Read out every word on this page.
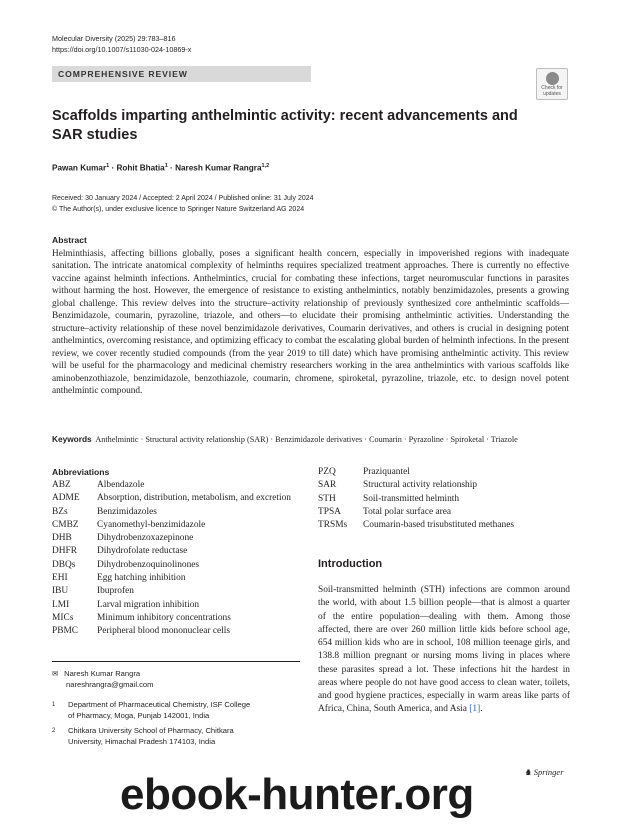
Molecular Diversity (2025) 29:783–816
https://doi.org/10.1007/s11030-024-10869-x
COMPREHENSIVE REVIEW
Check for
updates
Scaffolds imparting anthelmintic activity: recent advancements and SAR studies
Pawan Kumar$^1$ · Rohit Bhatia$^1$ · Naresh Kumar Rangra$^{1,2}$
Received: 30 January 2024 / Accepted: 2 April 2024 / Published online: 31 July 2024
© The Author(s), under exclusive licence to Springer Nature Switzerland AG 2024
Abstract
Helminthiasis, affecting billions globally, poses a significant health concern, especially in impoverished regions with inadequate sanitation. The intricate anatomical complexity of helminths requires specialized treatment approaches. There is currently no effective vaccine against helminth infections. Anthelmintics, crucial for combating these infections, target neuromuscular functions in parasites without harming the host. However, the emergence of resistance to existing anthelmintics, notably benzimidazoles, presents a growing global challenge. This review delves into the structure–activity relationship of previously synthesized core anthelmintic scaffolds—Benzimidazole, coumarin, pyrazoline, triazole, and others—to elucidate their promising anthelmintic activities. Understanding the structure–activity relationship of these novel benzimidazole derivatives, Coumarin derivatives, and others is crucial in designing potent anthelmintics, overcoming resistance, and optimizing efficacy to combat the escalating global burden of helminth infections. In the present review, we cover recently studied compounds (from the year 2019 to till date) which have promising anthelmintic activity. This review will be useful for the pharmacology and medicinal chemistry researchers working in the area anthelmintics with various scaffolds like aminobenzothiazole, benzimidazole, benzothiazole, coumarin, chromene, spiroketal, pyrazoline, triazole, etc. to design novel potent anthelmintic compound.
Keywords Anthelmintic · Structural activity relationship (SAR) · Benzimidazole derivatives · Coumarin · Pyrazoline · Spiroketal · Triazole
Abbreviations
ABZ	Albendazole
ADME	Absorption, distribution, metabolism, and excretion
BZs	Benzimidazoles
CMBZ	Cyanomethyl-benzimidazole
DHB	Dihydrobenzoxazepinone
DHFR	Dihydrofolate reductase
DBQs	Dihydrobenzoquinolinones
EHI	Egg hatching inhibition
IBU	Ibuprofen
LMI	Larval migration inhibition
MICs	Minimum inhibitory concentrations
PBMC	Peripheral blood mononuclear cells
PZQ	Praziquantel
SAR	Structural activity relationship
STH	Soil-transmitted helminth
TPSA	Total polar surface area
TRSMs	Coumarin-based trisubstituted methanes
Introduction
Soil-transmitted helminth (STH) infections are common around the world, with about 1.5 billion people—that is almost a quarter of the entire population—dealing with them. Among those affected, there are over 260 million little kids before school age, 654 million kids who are in school, 108 million teenage girls, and 138.8 million pregnant or nursing moms living in places where these parasites spread a lot. These infections hit the hardest in areas where people do not have good access to clean water, toilets, and good hygiene practices, especially in warm areas like parts of Africa, China, South America, and Asia [1].
✉ Naresh Kumar Rangra
nareshrangra@gmail.com
1 Department of Pharmaceutical Chemistry, ISF College
of Pharmacy, Moga, Punjab 142001, India
2 Chitkara University School of Pharmacy, Chitkara
University, Himachal Pradesh 174103, India
♞ Springer
ebook-hunter.org
